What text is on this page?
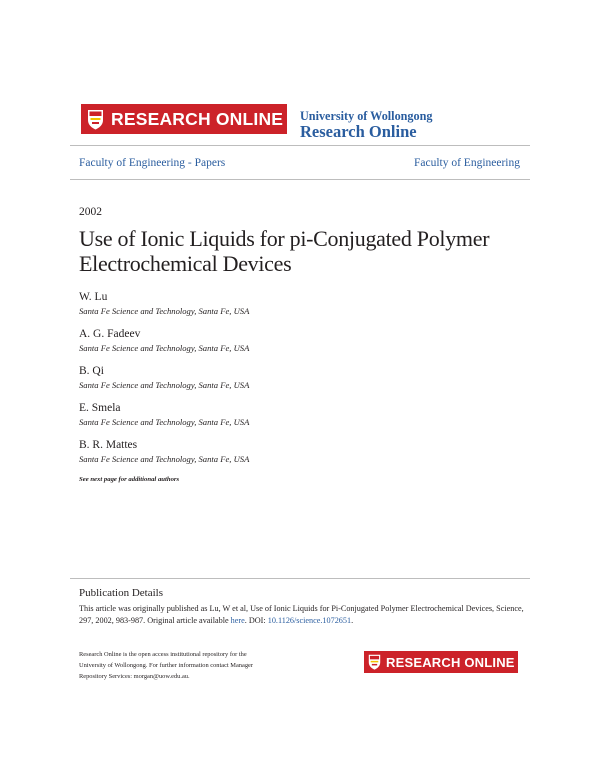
RESEARCH ONLINE University of Wollongong
Research Online
Faculty of Engineering - Papers	Faculty of Engineering
2002
Use of Ionic Liquids for pi-Conjugated Polymer Electrochemical Devices
W. Lu
Santa Fe Science and Technology, Santa Fe, USA
A. G. Fadeev
Santa Fe Science and Technology, Santa Fe, USA
B. Qi
Santa Fe Science and Technology, Santa Fe, USA
E. Smela
Santa Fe Science and Technology, Santa Fe, USA
B. R. Mattes
Santa Fe Science and Technology, Santa Fe, USA
See next page for additional authors
Publication Details
This article was originally published as Lu, W et al, Use of Ionic Liquids for Pi-Conjugated Polymer Electrochemical Devices, Science, 297, 2002, 983-987. Original article available here. DOI: 10.1126/science.1072651.
Research Online is the open access institutional repository for the
University of Wollongong. For further information contact Manager
Repository Services: morgan@uow.edu.au.
RESEARCH ONLINE
